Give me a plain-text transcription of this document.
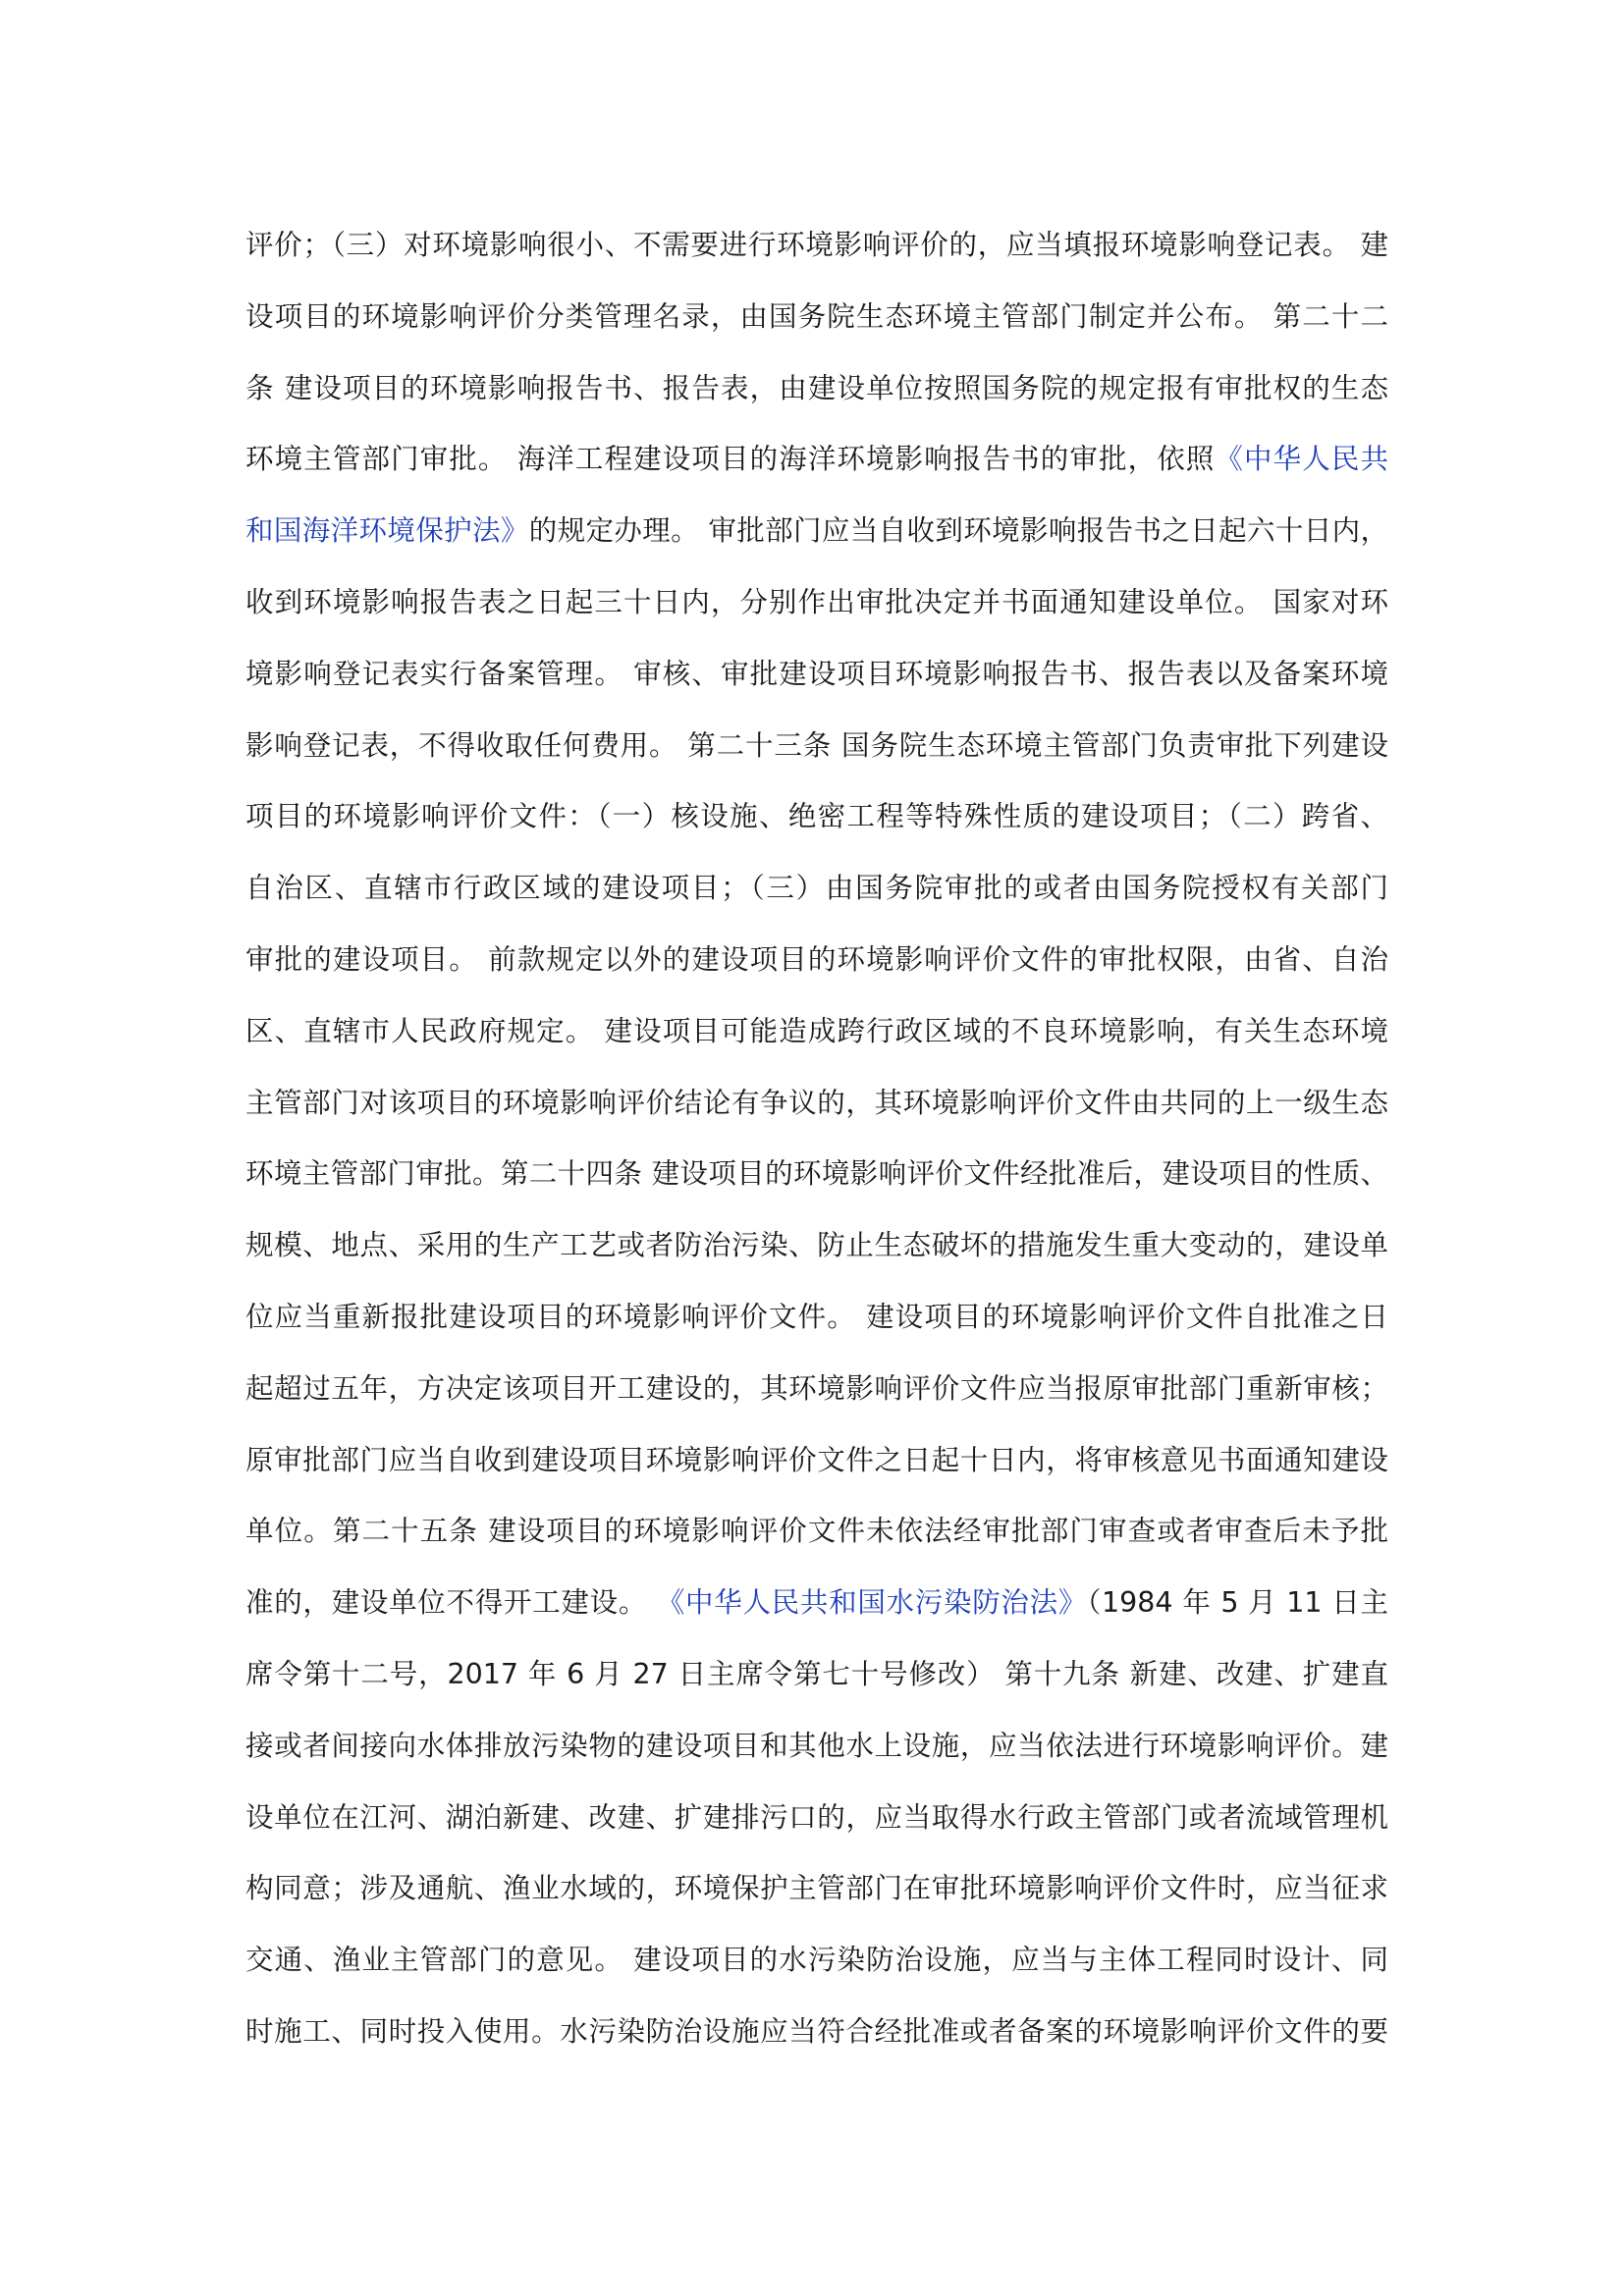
评价；（三）对环境影响很小、不需要进行环境影响评价的，应当填报环境影响登记表。 建
设项目的环境影响评价分类管理名录，由国务院生态环境主管部门制定并公布。 第二十二
条 建设项目的环境影响报告书、报告表，由建设单位按照国务院的规定报有审批权的生态
环境主管部门审批。 海洋工程建设项目的海洋环境影响报告书的审批，依照《中华人民共
和国海洋环境保护法》的规定办理。 审批部门应当自收到环境影响报告书之日起六十日内，
收到环境影响报告表之日起三十日内，分别作出审批决定并书面通知建设单位。 国家对环
境影响登记表实行备案管理。 审核、审批建设项目环境影响报告书、报告表以及备案环境
影响登记表，不得收取任何费用。 第二十三条 国务院生态环境主管部门负责审批下列建设
项目的环境影响评价文件：（一）核设施、绝密工程等特殊性质的建设项目；（二）跨省、
自治区、直辖市行政区域的建设项目；（三）由国务院审批的或者由国务院授权有关部门
审批的建设项目。 前款规定以外的建设项目的环境影响评价文件的审批权限，由省、自治
区、直辖市人民政府规定。 建设项目可能造成跨行政区域的不良环境影响，有关生态环境
主管部门对该项目的环境影响评价结论有争议的，其环境影响评价文件由共同的上一级生态
环境主管部门审批。第二十四条 建设项目的环境影响评价文件经批准后，建设项目的性质、
规模、地点、采用的生产工艺或者防治污染、防止生态破坏的措施发生重大变动的，建设单
位应当重新报批建设项目的环境影响评价文件。 建设项目的环境影响评价文件自批准之日
起超过五年，方决定该项目开工建设的，其环境影响评价文件应当报原审批部门重新审核；
原审批部门应当自收到建设项目环境影响评价文件之日起十日内，将审核意见书面通知建设
单位。第二十五条 建设项目的环境影响评价文件未依法经审批部门审查或者审查后未予批
准的，建设单位不得开工建设。 《中华人民共和国水污染防治法》（1984 年 5 月 11 日主
席令第十二号，2017 年 6 月 27 日主席令第七十号修改） 第十九条 新建、改建、扩建直
接或者间接向水体排放污染物的建设项目和其他水上设施，应当依法进行环境影响评价。建
设单位在江河、湖泊新建、改建、扩建排污口的，应当取得水行政主管部门或者流域管理机
构同意；涉及通航、渔业水域的，环境保护主管部门在审批环境影响评价文件时，应当征求
交通、渔业主管部门的意见。 建设项目的水污染防治设施，应当与主体工程同时设计、同
时施工、同时投入使用。水污染防治设施应当符合经批准或者备案的环境影响评价文件的要
